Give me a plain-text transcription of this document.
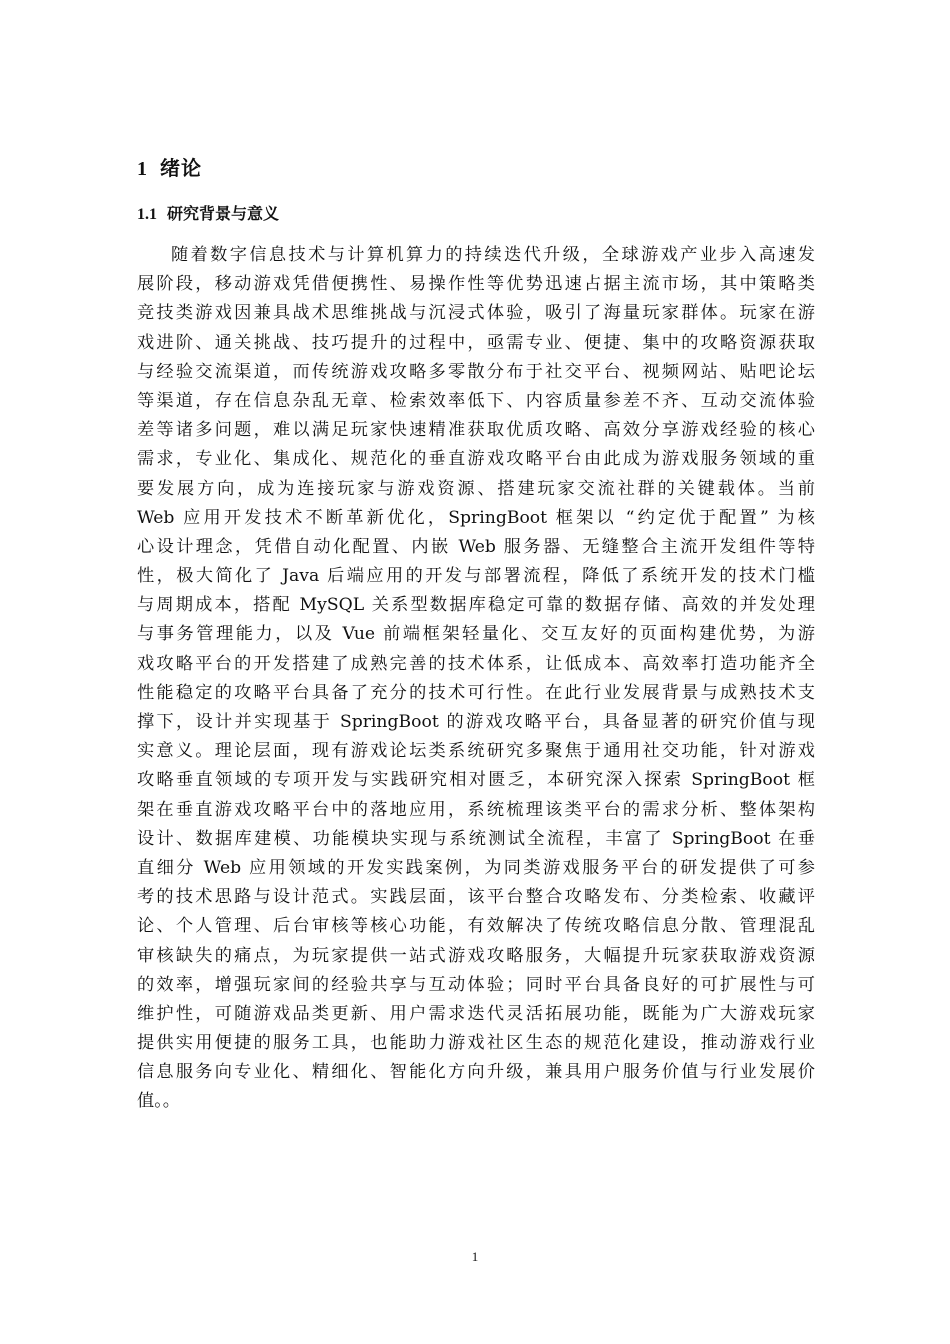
1 绪论
1.1 研究背景与意义
随着数字信息技术与计算机算力的持续迭代升级，全球游戏产业步入高速发
展阶段，移动游戏凭借便携性、易操作性等优势迅速占据主流市场，其中策略类
竞技类游戏因兼具战术思维挑战与沉浸式体验，吸引了海量玩家群体。玩家在游
戏进阶、通关挑战、技巧提升的过程中，亟需专业、便捷、集中的攻略资源获取
与经验交流渠道，而传统游戏攻略多零散分布于社交平台、视频网站、贴吧论坛
等渠道，存在信息杂乱无章、检索效率低下、内容质量参差不齐、互动交流体验
差等诸多问题，难以满足玩家快速精准获取优质攻略、高效分享游戏经验的核心
需求，专业化、集成化、规范化的垂直游戏攻略平台由此成为游戏服务领域的重
要发展方向，成为连接玩家与游戏资源、搭建玩家交流社群的关键载体。当前
Web 应用开发技术不断革新优化，SpringBoot 框架以 “约定优于配置” 为核
心设计理念，凭借自动化配置、内嵌 Web 服务器、无缝整合主流开发组件等特
性，极大简化了 Java 后端应用的开发与部署流程，降低了系统开发的技术门槛
与周期成本，搭配 MySQL 关系型数据库稳定可靠的数据存储、高效的并发处理
与事务管理能力，以及 Vue 前端框架轻量化、交互友好的页面构建优势，为游
戏攻略平台的开发搭建了成熟完善的技术体系，让低成本、高效率打造功能齐全
性能稳定的攻略平台具备了充分的技术可行性。在此行业发展背景与成熟技术支
撑下，设计并实现基于 SpringBoot 的游戏攻略平台，具备显著的研究价值与现
实意义。理论层面，现有游戏论坛类系统研究多聚焦于通用社交功能，针对游戏
攻略垂直领域的专项开发与实践研究相对匮乏，本研究深入探索 SpringBoot 框
架在垂直游戏攻略平台中的落地应用，系统梳理该类平台的需求分析、整体架构
设计、数据库建模、功能模块实现与系统测试全流程，丰富了 SpringBoot 在垂
直细分 Web 应用领域的开发实践案例，为同类游戏服务平台的研发提供了可参
考的技术思路与设计范式。实践层面，该平台整合攻略发布、分类检索、收藏评
论、个人管理、后台审核等核心功能，有效解决了传统攻略信息分散、管理混乱
审核缺失的痛点，为玩家提供一站式游戏攻略服务，大幅提升玩家获取游戏资源
的效率，增强玩家间的经验共享与互动体验；同时平台具备良好的可扩展性与可
维护性，可随游戏品类更新、用户需求迭代灵活拓展功能，既能为广大游戏玩家
提供实用便捷的服务工具，也能助力游戏社区生态的规范化建设，推动游戏行业
信息服务向专业化、精细化、智能化方向升级，兼具用户服务价值与行业发展价
值。。

1
